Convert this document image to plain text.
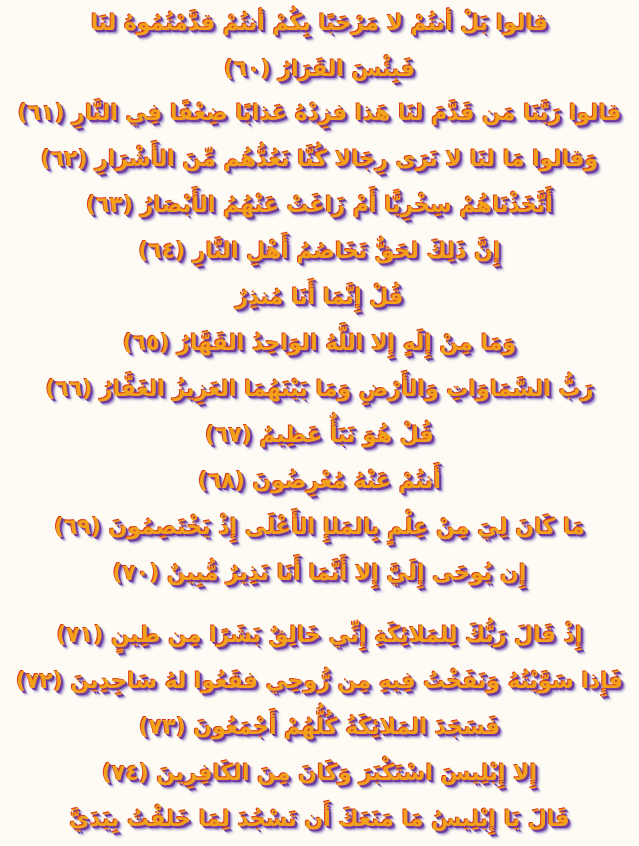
قالوا بَلْ أنتُمْ لا مَرْحَبًا بِكُمْ أنتُمْ قدَّمْتُمُوهُ لنَا
فَبِئْسَ القَرَارُ (٦٠)
قالوا رَبَّنَا مَن قَدَّمَ لنَا هَذا فزِدْهُ عَذابًا ضِعْفًا فِي النَّارِ (٦١)
وَقالوا مَا لنَا لا نَرَى رِجَالا كُنَّا نَعُدُّهُم مِّنَ الأَشْرَارِ (٦٢)
أَتَّخَذْنَاهُمْ سِخْرِيًّا أَمْ زَاغَتْ عَنْهُمُ الأَبْصَارُ (٦٣)
إِنَّ ذَلِكَ لحَقٌّ تَخَاصُمُ أَهْلِ النَّارِ (٦٤)
قُلْ إِنَّمَا أَنَا مُنذِرٌ
وَمَا مِنْ إِلَهٍ إِلا اللَّهُ الوَاحِدُ القَهَّارُ (٦٥)
رَبُّ السَّمَاوَاتِ وَالأَرْضِ وَمَا بَيْنَهُمَا العَزِيزُ الغَفَّارُ (٦٦)
قُلْ هُوَ نَبَأٌ عَظِيمٌ (٦٧)
أَنتُمْ عَنْهُ مُعْرِضُونَ (٦٨)
مَا كَانَ لِيَ مِنْ عِلْمٍ بِالمَلإِ الأَعْلَى إِذْ يَخْتَصِمُونَ (٦٩)
إِن يُوحَى إِلَيَّ إِلا أَنَّمَا أَنَا نَذِيرٌ مُّبِينٌ (٧٠)
إِذْ قَالَ رَبُّكَ لِلمَلائِكَةِ إِنِّي خَالِقٌ بَشَرًا مِن طِينٍ (٧١)
فَإِذا سَوَّيْتُهُ وَنَفَخْتُ فِيهِ مِن رُّوحِي فقَعُوا لهُ سَاجِدِينَ (٧٢)
فَسَجَدَ المَلائِكَةُ كُلُّهُمْ أَجْمَعُونَ (٧٣)
إِلا إِبْلِيسَ اسْتَكْبَرَ وَكَانَ مِنَ الكَافِرِينَ (٧٤)
قَالَ يَا إِبْلِيسُ مَا مَنَعَكَ أَن تَسْجُدَ لِمَا خَلقْتُ بِيَدَيَّ
